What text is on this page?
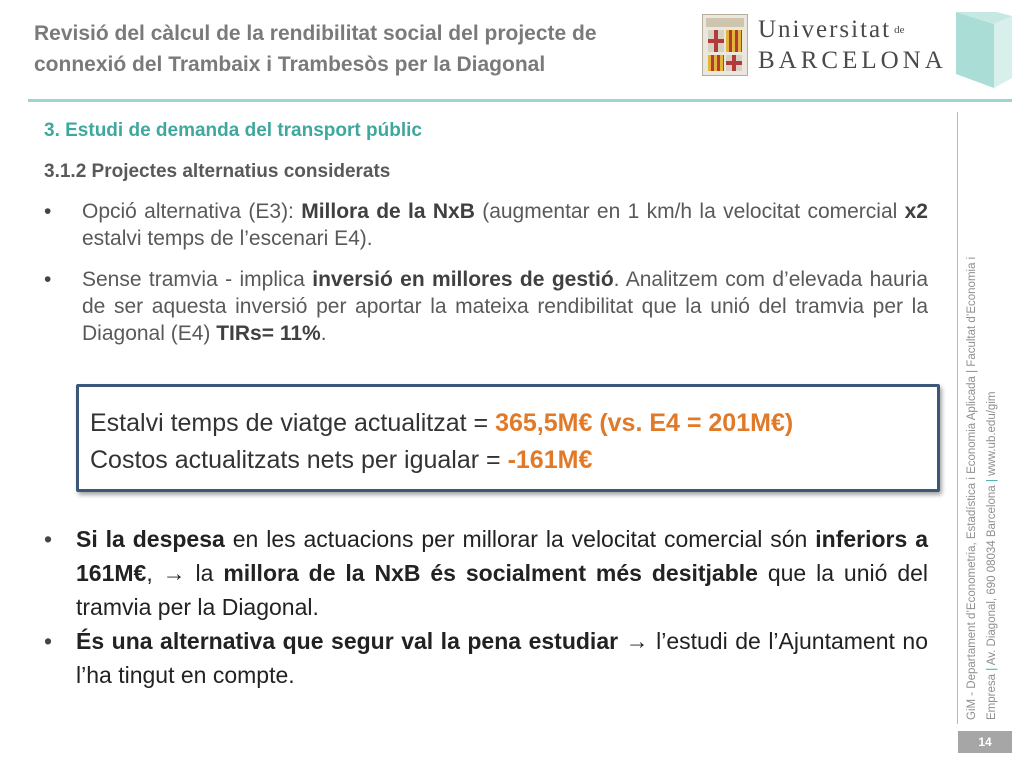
Revisió del càlcul de la rendibilitat social del projecte de
connexió del Trambaix i Trambesòs per la Diagonal
Universitat de
BARCELONA
3. Estudi de demanda del transport públic
3.1.2 Projectes alternatius considerats
• Opció alternativa (E3): Millora de la NxB (augmentar en 1 km/h la velocitat comercial x2 estalvi temps de l’escenari E4).
• Sense tramvia - implica inversió en millores de gestió. Analitzem com d’elevada hauria de ser aquesta inversió per aportar la mateixa rendibilitat que la unió del tramvia per la Diagonal (E4) TIRs= 11%.
Estalvi temps de viatge actualitzat = 365,5M€ (vs. E4 = 201M€)
Costos actualitzats nets per igualar = -161M€
• Si la despesa en les actuacions per millorar la velocitat comercial són inferiors a 161M€, → la millora de la NxB és socialment més desitjable que la unió del tramvia per la Diagonal.
• És una alternativa que segur val la pena estudiar → l’estudi de l’Ajuntament no l’ha tingut en compte.	GiM - Departament d’Econometria, Estadística i Economia Aplicada | Facultat d’Economia i
Empresa | Av. Diagonal, 690 08034 Barcelona | www.ub.edu/gim
14
